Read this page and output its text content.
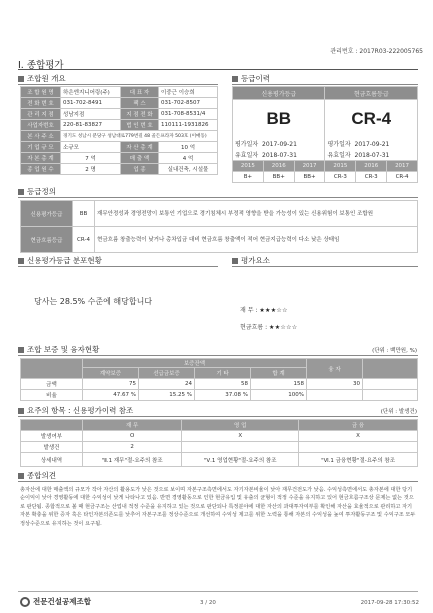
관리번호 : 2017R03-222005765
Ⅰ. 종합평가
조합원 개요
조 합 원 명	하은엔지니어링(주)	대 표 자	이중근 이승희
전 화 번 호	031-702-8491	팩 스	031-702-8507
관 리 지 점	성남지점	지 점 전 화	031-708-8531/4
사업자번호	220-81-83827	법 인 번 호	110111-1931826
본 사 주 소	경기도 성남시 분당구 성남대로779번길 48 골든프라자 503호 (이매동)		
기 업 규 모	소규모	자 산 총 계	10 억
자 본 총 계	7 억	매 출 액	4 억
종 업 원 수	2 명	업 종	실내건축, 시설물
등급이력
신용평가등급			현금흐름등급		
BB			CR-4		
평가일자 2017-09-21			평가일자 2017-09-21		
유효일자 2018-07-31			유효일자 2018-07-31		
2015	2016	2017	2015	2016	2017
B+	BB+	BB+	CR-3	CR-3	CR-4
등급정의
신용평가등급	BB	재무안정성과 경영전망이 보통인 기업으로 경기침체시 부정적 영향을 받을 가능성이 있는 신용위험이 보통인 조합원
현금흐름등급	CR-4	현금흐름 창출능력이 낮거나 총차입금 대비 현금흐름 창출액이 적어 현금지급능력이 다소 낮은 상태임
신용평가등급 분포현황
당사는 28.5% 수준에 해당합니다
평가요소
재 무 : ★★★☆☆
현금흐름 : ★★☆☆☆
조합 보증 및 융자현황	(단위 : 백만원, %)
	보증잔액				융 자	
	계약보증	선급금보증	기 타	합 계		
금액	75	24	58	158	30	
비율	47.67 %	15.25 %	37.08 %	100%		
요주의 항목 : 신용평가이력 참조	(단위 : 발생건)
	재 무	영 업	금 융
발생여부	O	X	X
발생건	2		
상세내역	"Ⅱ.1 재무"절-요주의 참조	"Ⅴ.1 영업현황"절-요주의 참조	"Ⅵ.1 금융현황"절-요주의 참조
종합의견
총자산에 대한 매출액의 규모가 작아 자산의 활용도가 낮은 것으로 보이며 자본구조측면에서도 자기자본비율이 낮아 재무건전도가 낮음. 수익성측면에서도 총자본에 대한 당기순이익이 낮아 경영활동에 대한 수익성이 낮게 나타나고 있음. 반면 경영활동으로 인한 현금유입 및 유출의 균형이 적정 수준을 유지하고 있어 현금흐름구조상 문제는 없는 것으로 판단됨. 종합적으로 볼 때 현금구조는 산업내 적정 수준을 유지하고 있는 것으로 판단되나 특정분야에 대한 자산의 과대투자여부를 확인해 자산을 효율적으로 관리하고 자기자본 확충을 위한 증자 혹은 타인자본의존도를 낮추어 자본구조를 정상수준으로 개선하여 수익성 제고를 위한 노력을 통해 자본의 수익성을 높여 투자활동구조 및 수익구조 모두 정상수준으로 유지하는 것이 요구됨.
전문건설공제조합	3 / 20	2017-09-28 17:30:52
